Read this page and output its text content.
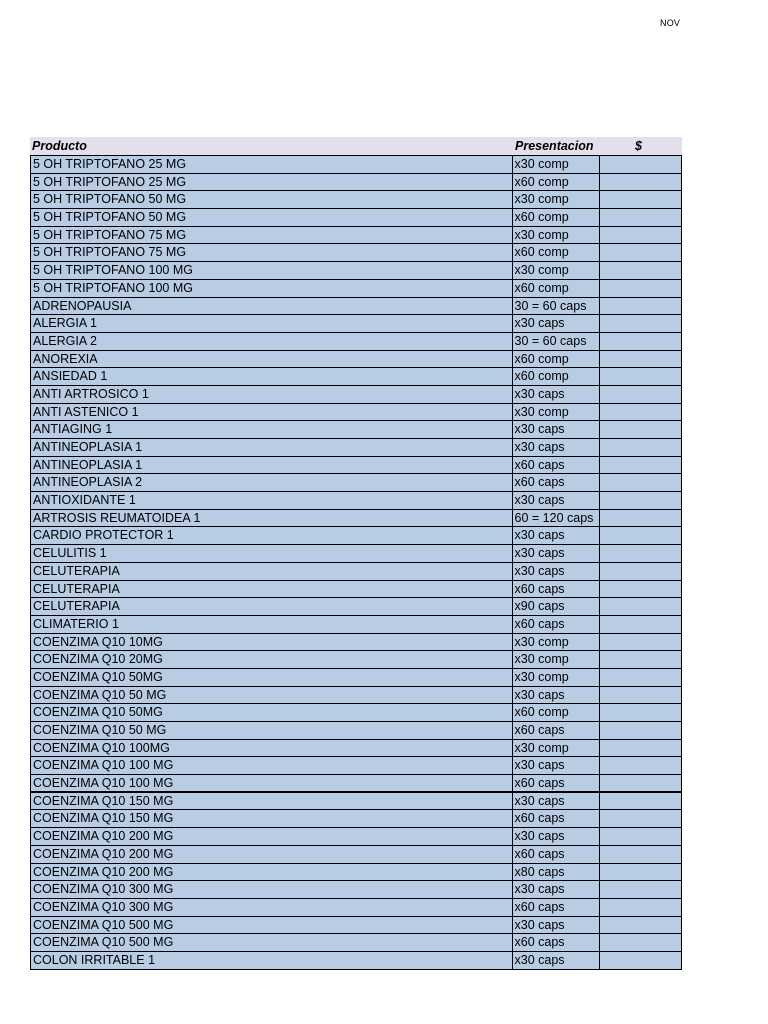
NOV
Producto	Presentacion	$
5 OH TRIPTOFANO 25 MG	x30 comp
5 OH TRIPTOFANO 25 MG	x60 comp
5 OH TRIPTOFANO 50 MG	x30 comp
5 OH TRIPTOFANO 50 MG	x60 comp
5 OH TRIPTOFANO 75 MG	x30 comp
5 OH TRIPTOFANO 75 MG	x60 comp
5 OH TRIPTOFANO 100 MG	x30 comp
5 OH TRIPTOFANO 100 MG	x60 comp
ADRENOPAUSIA	30 = 60 caps
ALERGIA 1	x30 caps
ALERGIA 2	30 = 60 caps
ANOREXIA	x60 comp
ANSIEDAD 1	x60 comp
ANTI ARTROSICO 1	x30 caps
ANTI ASTENICO 1	x30 comp
ANTIAGING 1	x30 caps
ANTINEOPLASIA 1	x30 caps
ANTINEOPLASIA 1	x60 caps
ANTINEOPLASIA 2	x60 caps
ANTIOXIDANTE 1	x30 caps
ARTROSIS REUMATOIDEA 1	60 = 120 caps
CARDIO PROTECTOR 1	x30 caps
CELULITIS 1	x30 caps
CELUTERAPIA	x30 caps
CELUTERAPIA	x60 caps
CELUTERAPIA	x90 caps
CLIMATERIO 1	x60 caps
COENZIMA Q10 10MG	x30 comp
COENZIMA Q10 20MG	x30 comp
COENZIMA Q10 50MG	x30 comp
COENZIMA Q10 50 MG	x30 caps
COENZIMA Q10 50MG	x60 comp
COENZIMA Q10 50 MG	x60 caps
COENZIMA Q10 100MG	x30 comp
COENZIMA Q10 100 MG	x30 caps
COENZIMA Q10 100 MG	x60 caps
COENZIMA Q10 150 MG	x30 caps
COENZIMA Q10 150 MG	x60 caps
COENZIMA Q10 200 MG	x30 caps
COENZIMA Q10 200 MG	x60 caps
COENZIMA Q10 200 MG	x80 caps
COENZIMA Q10 300 MG	x30 caps
COENZIMA Q10 300 MG	x60 caps
COENZIMA Q10 500 MG	x30 caps
COENZIMA Q10 500 MG	x60 caps
COLON IRRITABLE 1	x30 caps
